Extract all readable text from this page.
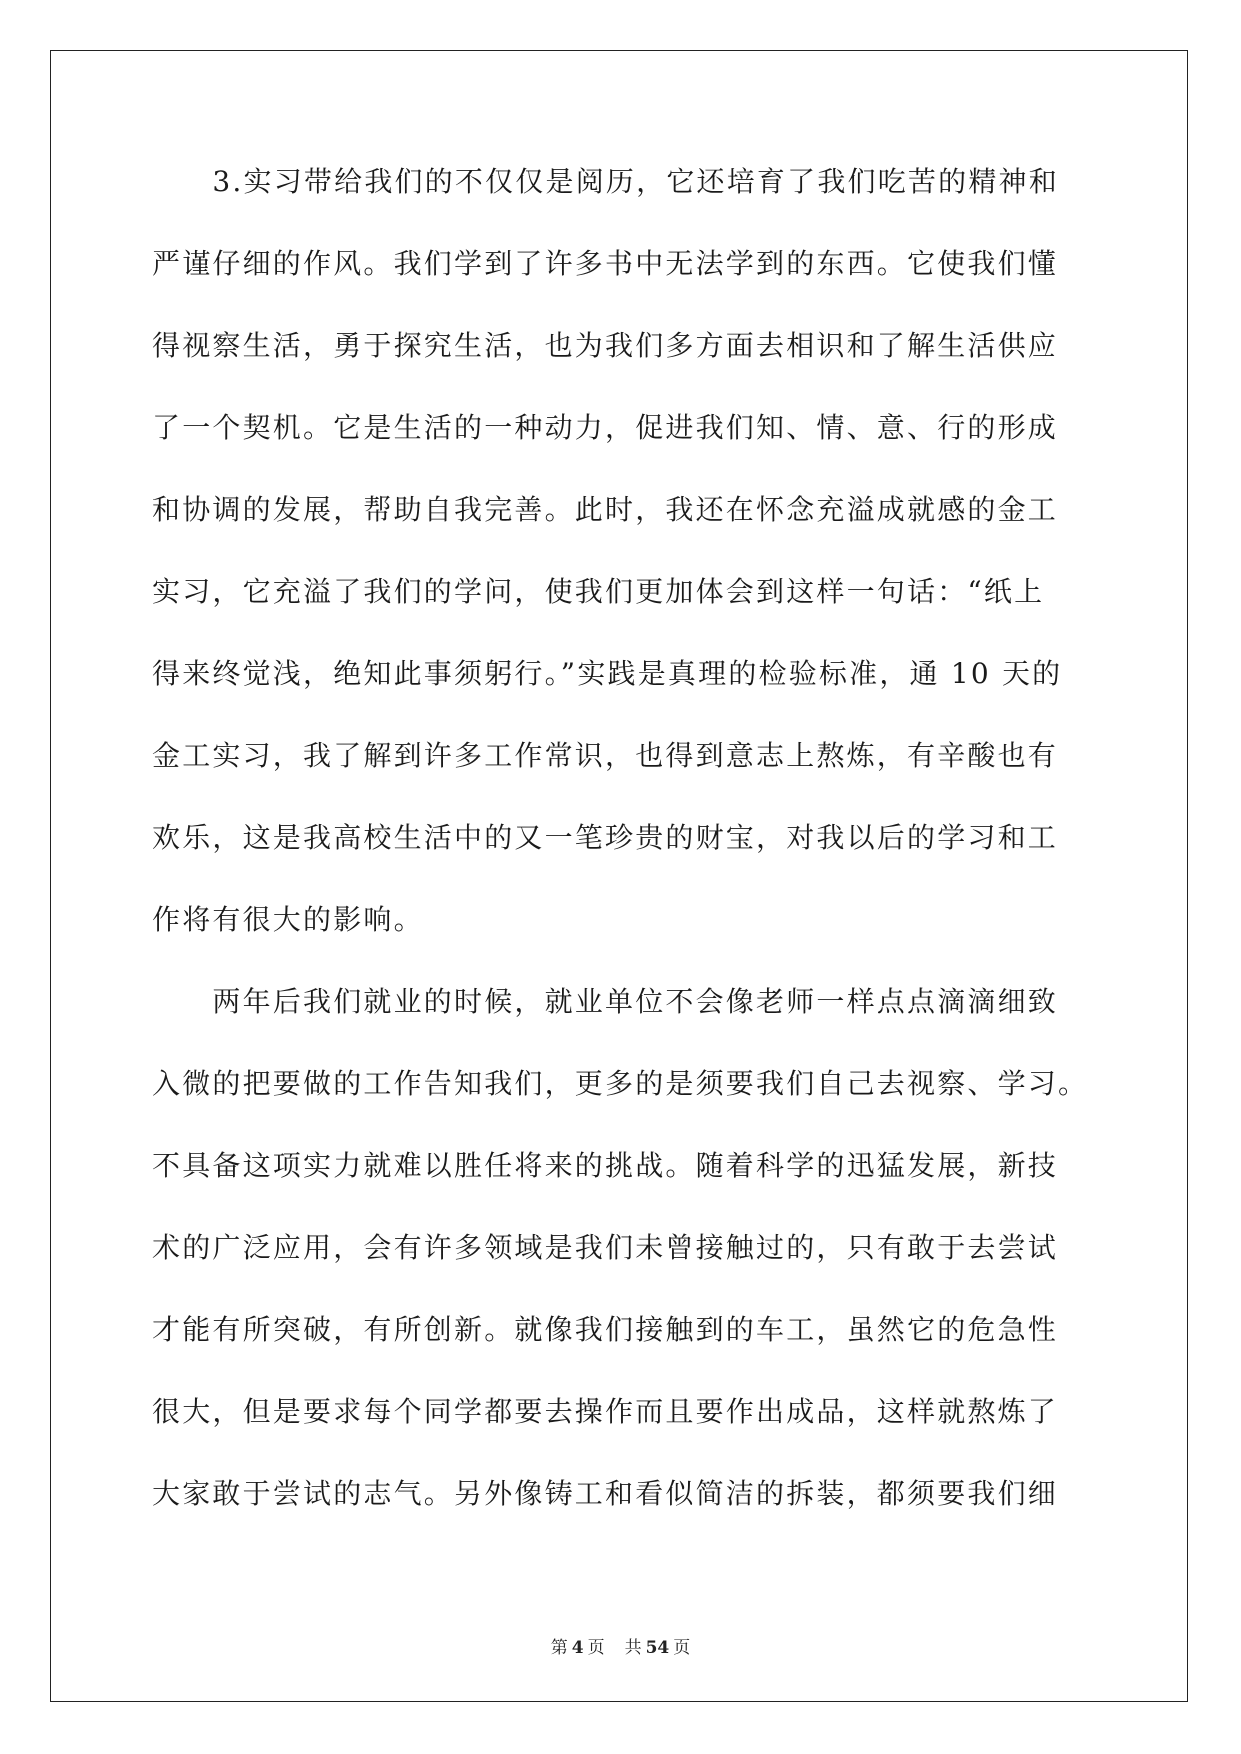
　　3.实习带给我们的不仅仅是阅历，它还培育了我们吃苦的精神和

严谨仔细的作风。我们学到了许多书中无法学到的东西。它使我们懂

得视察生活，勇于探究生活，也为我们多方面去相识和了解生活供应

了一个契机。它是生活的一种动力，促进我们知、情、意、行的形成

和协调的发展，帮助自我完善。此时，我还在怀念充溢成就感的金工

实习，它充溢了我们的学问，使我们更加体会到这样一句话：“纸上

得来终觉浅，绝知此事须躬行。”实践是真理的检验标准，通 10 天的

金工实习，我了解到许多工作常识，也得到意志上熬炼，有辛酸也有

欢乐，这是我高校生活中的又一笔珍贵的财宝，对我以后的学习和工

作将有很大的影响。

　　两年后我们就业的时候，就业单位不会像老师一样点点滴滴细致

入微的把要做的工作告知我们，更多的是须要我们自己去视察、学习。

不具备这项实力就难以胜任将来的挑战。随着科学的迅猛发展，新技

术的广泛应用，会有许多领域是我们未曾接触过的，只有敢于去尝试

才能有所突破，有所创新。就像我们接触到的车工，虽然它的危急性

很大，但是要求每个同学都要去操作而且要作出成品，这样就熬炼了

大家敢于尝试的志气。另外像铸工和看似简洁的拆装，都须要我们细

第 4 页 共 54 页
